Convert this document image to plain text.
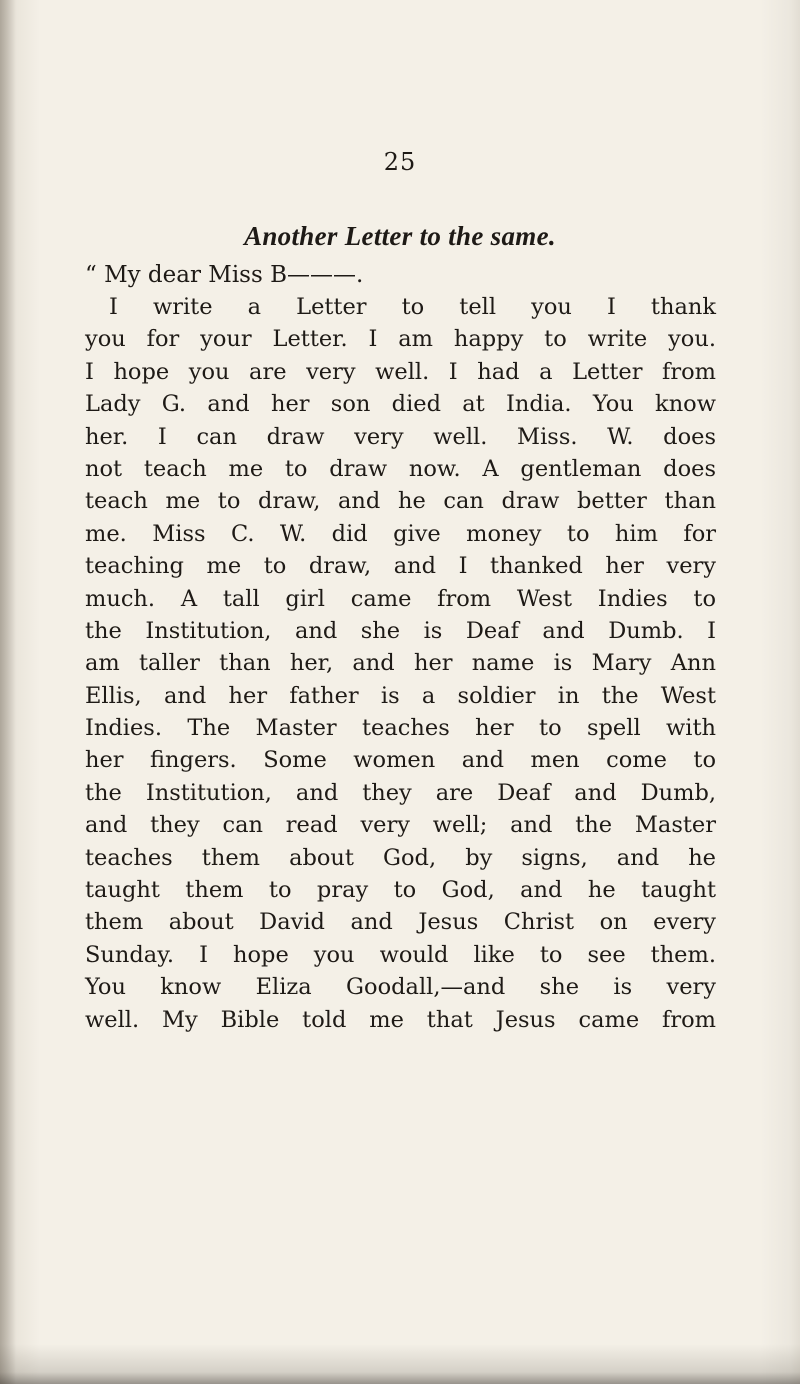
25
Another Letter to the same.
“ My dear Miss B———.
I write a Letter to tell you I thank
you for your Letter. I am happy to write you.
I hope you are very well. I had a Letter from
Lady G. and her son died at India. You know
her. I can draw very well. Miss. W. does
not teach me to draw now. A gentleman does
teach me to draw, and he can draw better than
me. Miss C. W. did give money to him for
teaching me to draw, and I thanked her very
much. A tall girl came from West Indies to
the Institution, and she is Deaf and Dumb. I
am taller than her, and her name is Mary Ann
Ellis, and her father is a soldier in the West
Indies. The Master teaches her to spell with
her fingers. Some women and men come to
the Institution, and they are Deaf and Dumb,
and they can read very well; and the Master
teaches them about God, by signs, and he
taught them to pray to God, and he taught
them about David and Jesus Christ on every
Sunday. I hope you would like to see them.
You know Eliza Goodall,—and she is very
well. My Bible told me that Jesus came from
